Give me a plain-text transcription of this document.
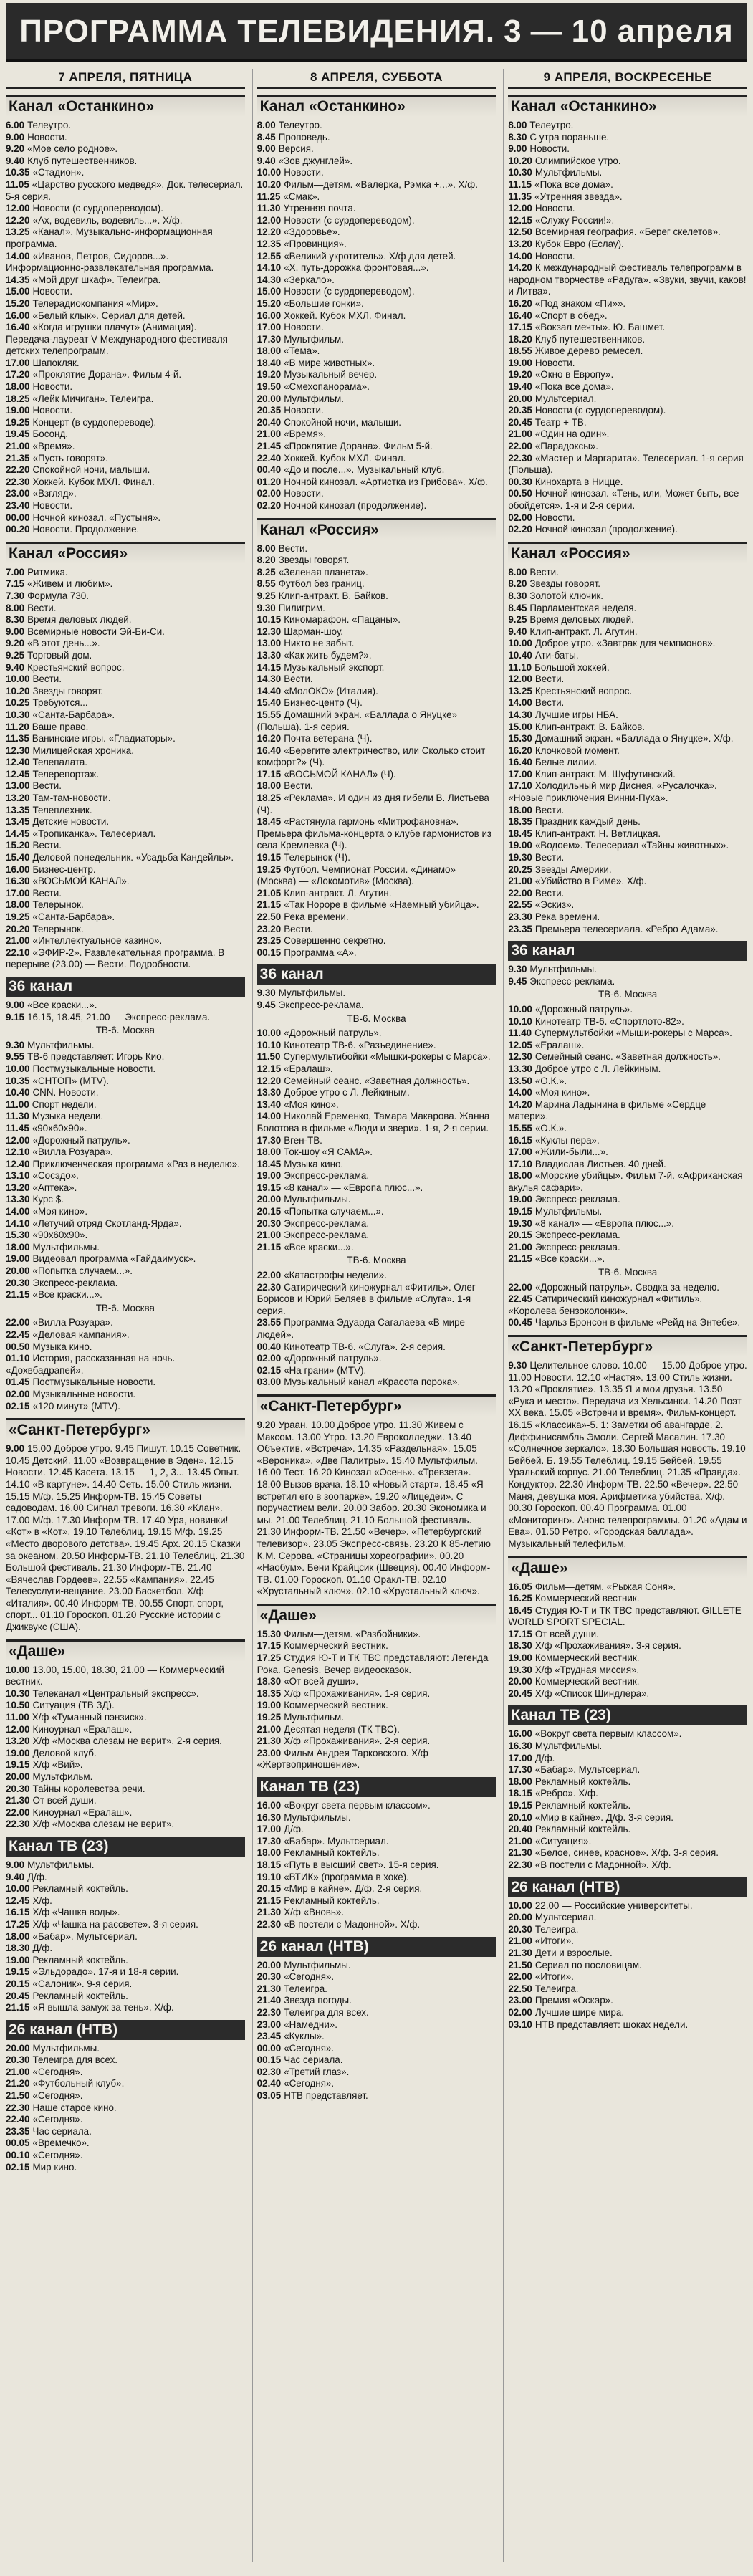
ПРОГРАММА ТЕЛЕВИДЕНИЯ. 3 — 10 апреля
7 АПРЕЛЯ, ПЯТНИЦА
Канал «Останкино»

6.00 Телеутро.

9.00 Новости.

9.20 «Мое село родное».

9.40 Клуб путешественников.

10.35 «Стадион».

11.05 «Царство русского медведя». Док. телесериал. 5-я серия.

12.00 Новости (с сурдопереводом).

12.20 «Ах, водевиль, водевиль...». Х/ф.

13.25 «Канал». Музыкально-информационная программа.

14.00 «Иванов, Петров, Сидоров...». Информационно-развлекательная программа.

14.35 «Мой друг шкаф». Телеигра.

15.00 Новости.

15.20 Телерадиокомпания «Мир».

16.00 «Белый клык». Сериал для детей.

16.40 «Когда игрушки плачут» (Анимация). Передача-лауреат V Международного фестиваля детских телепрограмм.

17.00 Шапокляк.

17.20 «Проклятие Дорана». Фильм 4-й.

18.00 Новости.

18.25 «Лейк Мичиган». Телеигра.

19.00 Новости.

19.25 Концерт (в сурдопереводе).

19.45 Босонд.

21.00 «Время».

21.35 «Пусть говорят».

22.20 Спокойной ночи, малыши.

22.30 Хоккей. Кубок МХЛ. Финал.

23.00 «Взгляд».

23.40 Новости.

00.00 Ночной кинозал. «Пустыня».

00.20 Новости. Продолжение.

Канал «Россия»

7.00 Ритмика.

7.15 «Живем и любим».

7.30 Формула 730.

8.00 Вести.

8.30 Время деловых людей.

9.00 Всемирные новости Эй-Би-Си.

9.20 «В этот день...».

9.25 Торговый дом.

9.40 Крестьянский вопрос.

10.00 Вести.

10.20 Звезды говорят.

10.25 Требуются...

10.30 «Санта-Барбара».

11.20 Ваше право.

11.35 Ванинские игры. «Гладиаторы».

12.30 Милицейская хроника.

12.40 Телепалата.

12.45 Телерепортаж.

13.00 Вести.

13.20 Там-там-новости.

13.35 Телеплехник.

13.45 Детские новости.

14.45 «Тропиканка». Телесериал.

15.20 Вести.

15.40 Деловой понедельник. «Усадьба Кандейлы».

16.00 Бизнес-центр.

16.30 «ВОСЬМОЙ КАНАЛ».

17.00 Вести.

18.00 Телерынок.

19.25 «Санта-Барбара».

20.20 Телерынок.

21.00 «Интеллектуальное казино».

22.10 «ЭФИР-2». Развлекательная программа. В перерыве (23.00) — Вести. Подробности.

36 канал

9.00 «Все краски...».

9.15 16.15, 18.45, 21.00 — Экспресс-реклама.

ТВ-6. Москва

9.30 Мультфильмы.

9.55 ТВ-6 представляет: Игорь Кио.

10.00 Постмузыкальные новости.

10.35 «СНТОП» (MTV).

10.40 CNN. Новости.

11.00 Спорт недели.

11.30 Музыка недели.

11.45 «90х60х90».

12.00 «Дорожный патруль».

12.10 «Вилла Розуара».

12.40 Приключенческая программа «Раз в неделю».

13.10 «Сосэдо».

13.20 «Аптека».

13.30 Курс $.

14.00 «Моя кино».

14.10 «Летучий отряд Скотланд-Ярда».

15.30 «90х60х90».

18.00 Мультфильмы.

19.00 Видеовал программа «Гайдаимуск».

20.00 «Попытка случаем...».

20.30 Экспресс-реклама.

21.15 «Все краски...».

ТВ-6. Москва

22.00 «Вилла Розуара».

22.45 «Деловая кампания».

00.50 Музыка кино.

01.10 История, рассказанная на ночь. «Дохвбадрапей».

01.45 Постмузыкальные новости.

02.00 Музыкальные новости.

02.15 «120 минут» (MTV).

«Санкт-Петербург»

9.00 15.00 Доброе утро. 9.45 Пишут. 10.15 Советник. 10.45 Детский. 11.00 «Возвращение в Эден». 12.15 Новости. 12.45 Касета. 13.15 — 1, 2, 3... 13.45 Опыт. 14.10 «В картуне». 14.40 Сеть. 15.00 Стиль жизни. 15.15 М/ф. 15.25 Информ-ТВ. 15.45 Советы садоводам. 16.00 Сигнал тревоги. 16.30 «Клан». 17.00 М/ф. 17.30 Информ-ТВ. 17.40 Ура, новинки! «Кот» в «Кот». 19.10 Телеблиц. 19.15 М/ф. 19.25 «Место дворового детства». 19.45 Арх. 20.15 Сказки за океаном. 20.50 Информ-ТВ. 21.10 Телеблиц. 21.30 Большой фестиваль. 21.30 Информ-ТВ. 21.40 «Вячеслав Гордеев». 22.55 «Кампания». 22.45 Телесуслуги-вещание. 23.00 Баскетбол. Х/ф «Италия». 00.40 Информ-ТВ. 00.55 Спорт, спорт, спорт... 01.10 Гороскоп. 01.20 Русские истории с Джиквукс (США).

«Даше»

10.00 13.00, 15.00, 18.30, 21.00 — Коммерческий вестник.

10.30 Телеканал «Центральный экспресс».

10.50 Ситуация (ТВ ЗД).

11.00 Х/ф «Туманный пэнзиск».

12.00 Киноурнал «Ералаш».

13.20 Х/ф «Москва слезам не верит». 2-я серия.

19.00 Деловой клуб.

19.15 Х/ф «Вий».

20.00 Мультфильм.

20.30 Тайны королевства речи.

21.30 От всей души.

22.00 Киноурнал «Ералаш».

22.30 Х/ф «Москва слезам не верит».

Канал ТВ (23)

9.00 Мультфильмы.

9.40 Д/ф.

10.00 Рекламный коктейль.

12.45 Х/ф.

16.15 Х/ф «Чашка воды».

17.25 Х/ф «Чашка на рассвете». 3-я серия.

18.00 «Бабар». Мультсериал.

18.30 Д/ф.

19.00 Рекламный коктейль.

19.15 «Эльдорадо». 17-я и 18-я серии.

20.15 «Салоник». 9-я серия.

20.45 Рекламный коктейль.

21.15 «Я вышла замуж за тень». Х/ф.

26 канал (НТВ)

20.00 Мультфильмы.

20.30 Телеигра для всех.

21.00 «Сегодня».

21.20 «Футбольный клуб».

21.50 «Сегодня».

22.30 Наше старое кино.

22.40 «Сегодня».

23.35 Час сериала.

00.05 «Времечко».

00.10 «Сегодня».

02.15 Мир кино.

8 АПРЕЛЯ, СУББОТА
Канал «Останкино»

8.00 Телеутро.

8.45 Проповедь.

9.00 Версия.

9.40 «Зов джунглей».

10.00 Новости.

10.20 Фильм—детям. «Валерка, Рэмка +...». Х/ф.

11.25 «Смак».

11.30 Утренняя почта.

12.00 Новости (с сурдопереводом).

12.20 «Здоровье».

12.35 «Провинция».

12.55 «Великий укротитель». Х/ф для детей.

14.10 «Х. путь-дорожка фронтовая...».

14.30 «Зеркало».

15.00 Новости (с сурдопереводом).

15.20 «Большие гонки».

16.00 Хоккей. Кубок МХЛ. Финал.

17.00 Новости.

17.30 Мультфильм.

18.00 «Тема».

18.40 «В мире животных».

19.20 Музыкальный вечер.

19.50 «Смехопанорама».

20.00 Мультфильм.

20.35 Новости.

20.40 Спокойной ночи, малыши.

21.00 «Время».

21.45 «Проклятие Дорана». Фильм 5-й.

22.40 Хоккей. Кубок МХЛ. Финал.

00.40 «До и после...». Музыкальный клуб.

01.20 Ночной кинозал. «Артистка из Грибова». Х/ф.

02.00 Новости.

02.20 Ночной кинозал (продолжение).

Канал «Россия»

8.00 Вести.

8.20 Звезды говорят.

8.25 «Зеленая планета».

8.55 Футбол без границ.

9.25 Клип-антракт. В. Байков.

9.30 Пилигрим.

10.15 Киномарафон. «Пацаны».

12.30 Шарман-шоу.

13.00 Никто не забыт.

13.30 «Как жить будем?».

14.15 Музыкальный экспорт.

14.30 Вести.

14.40 «МолОКО» (Италия).

15.40 Бизнес-центр (Ч).

15.55 Домашний экран. «Баллада о Януцке» (Польша). 1-я серия.

16.20 Почта ветерана (Ч).

16.40 «Берегите электричество, или Сколько стоит комфорт?» (Ч).

17.15 «ВОСЬМОЙ КАНАЛ» (Ч).

18.00 Вести.

18.25 «Реклама». И один из дня гибели В. Листьева (Ч).

18.45 «Растянула гармонь «Митрофановна». Премьера фильма-концерта о клубе гармонистов из села Кремлевка (Ч).

19.15 Телерынок (Ч).

19.25 Футбол. Чемпионат России. «Динамо» (Москва) — «Локомотив» (Москва).

21.05 Клип-антракт. Л. Агутин.

21.15 «Так Нороре в фильме «Наемный убийца».

22.50 Река времени.

23.20 Вести.

23.25 Совершенно секретно.

00.15 Программа «А».

36 канал

9.30 Мультфильмы.

9.45 Экспресс-реклама.

ТВ-6. Москва

10.00 «Дорожный патруль».

10.10 Кинотеатр ТВ-6. «Разъединение».

11.50 Супермультибойки «Мышки-рокеры с Марса».

12.15 «Ералаш».

12.20 Семейный сеанс. «Заветная должность».

13.30 Доброе утро с Л. Лейкиным.

13.40 «Моя кино».

14.00 Николай Еременко, Тамара Макарова. Жанна Болотова в фильме «Люди и звери». 1-я, 2-я серии.

17.30 Вген-ТВ.

18.00 Ток-шоу «Я САМА».

18.45 Музыка кино.

19.00 Экспресс-реклама.

19.15 «8 канал» — «Европа плюс...».

20.00 Мультфильмы.

20.15 «Попытка случаем...».

20.30 Экспресс-реклама.

21.00 Экспресс-реклама.

21.15 «Все краски...».

ТВ-6. Москва

22.00 «Катастрофы недели».

22.30 Сатирический киножурнал «Фитиль». Олег Борисов и Юрий Беляев в фильме «Слуга». 1-я серия.

23.55 Программа Эдуарда Сагалаева «В мире людей».

00.40 Кинотеатр ТВ-6. «Слуга». 2-я серия.

02.00 «Дорожный патруль».

02.15 «На грани» (MTV).

03.00 Музыкальный канал «Красота порока».

«Санкт-Петербург»

9.20 Ураан. 10.00 Доброе утро. 11.30 Живем с Максом. 13.00 Утро. 13.20 Евроколледжи. 13.40 Объектив. «Встреча». 14.35 «Раздельная». 15.05 «Вероника». «Две Палитры». 15.40 Мультфильм. 16.00 Тест. 16.20 Кинозал «Осень». «Тревзета». 18.00 Вызов врача. 18.10 «Новый старт». 18.45 «Я встретил его в зоопарке». 19.20 «Лицедеи». С поручастием вели. 20.00 Забор. 20.30 Экономика и мы. 21.00 Телеблиц. 21.10 Большой фестиваль. 21.30 Информ-ТВ. 21.50 «Вечер». «Петербургский телевизор». 23.05 Экспресс-связь. 23.20 К 85-летию К.М. Серова. «Страницы хореографии». 00.20 «Наобум». Бени Крайцсик (Швеция). 00.40 Информ-ТВ. 01.00 Гороскоп. 01.10 Оракл-ТВ. 02.10 «Хрустальный ключ». 02.10 «Хрустальный ключ».

«Даше»

15.30 Фильм—детям. «Разбойники».

17.15 Коммерческий вестник.

17.25 Студия Ю-Т и ТК ТВС представляют: Легенда Рока. Genesis. Вечер видеосказок.

18.30 «От всей души».

18.35 Х/ф «Прохаживания». 1-я серия.

19.00 Коммерческий вестник.

19.25 Мультфильм.

21.00 Десятая неделя (ТК ТВС).

21.30 Х/ф «Прохаживания». 2-я серия.

23.00 Фильм Андрея Тарковского. Х/ф «Жертвоприношение».

Канал ТВ (23)

16.00 «Вокруг света первым классом».

16.30 Мультфильмы.

17.00 Д/ф.

17.30 «Бабар». Мультсериал.

18.00 Рекламный коктейль.

18.15 «Путь в высший свет». 15-я серия.

19.10 «ВТИК» (программа в хоке).

20.15 «Мир в кайне». Д/ф. 2-я серия.

21.15 Рекламный коктейль.

21.30 Х/ф «Вновь».

22.30 «В постели с Мадонной». Х/ф.

26 канал (НТВ)

20.00 Мультфильмы.

20.30 «Сегодня».

21.30 Телеигра.

21.40 Звезда погоды.

22.30 Телеигра для всех.

23.00 «Намедни».

23.45 «Куклы».

00.00 «Сегодня».

00.15 Час сериала.

02.30 «Третий глаз».

02.40 «Сегодня».

03.05 НТВ представляет.

9 АПРЕЛЯ, ВОСКРЕСЕНЬЕ
Канал «Останкино»

8.00 Телеутро.

8.30 С утра пораньше.

9.00 Новости.

10.20 Олимпийское утро.

10.30 Мультфильмы.

11.15 «Пока все дома».

11.35 «Утренняя звезда».

12.00 Новости.

12.15 «Служу России!».

12.50 Всемирная география. «Берег скелетов».

13.20 Кубок Евро (Еслау).

14.00 Новости.

14.20 К международный фестиваль телепрограмм в народном творчестве «Радуга». «Звуки, звучи, каков! и Литва».

16.20 «Под знаком «Пи»».

16.40 «Спорт в обед».

17.15 «Вокзал мечты». Ю. Башмет.

18.20 Клуб путешественников.

18.55 Живое дерево ремесел.

19.00 Новости.

19.20 «Окно в Европу».

19.40 «Пока все дома».

20.00 Мультсериал.

20.35 Новости (с сурдопереводом).

20.45 Театр + ТВ.

21.00 «Один на один».

22.00 «Парадоксы».

22.30 «Мастер и Маргарита». Телесериал. 1-я серия (Польша).

00.30 Кинохарта в Ницце.

00.50 Ночной кинозал. «Тень, или, Может быть, все обойдется». 1-я и 2-я серии.

02.00 Новости.

02.20 Ночной кинозал (продолжение).

Канал «Россия»

8.00 Вести.

8.20 Звезды говорят.

8.30 Золотой ключик.

8.45 Парламентская неделя.

9.25 Время деловых людей.

9.40 Клип-антракт. Л. Агутин.

10.00 Доброе утро. «Завтрак для чемпионов».

10.40 Ати-баты.

11.10 Большой хоккей.

12.00 Вести.

13.25 Крестьянский вопрос.

14.00 Вести.

14.30 Лучшие игры НБА.

15.00 Клип-антракт. В. Байков.

15.30 Домашний экран. «Баллада о Януцке». Х/ф.

16.20 Клочковой момент.

16.40 Белые лилии.

17.00 Клип-антракт. М. Шуфутинский.

17.10 Холодильный мир Диснея. «Русалочка». «Новые приключения Винни-Пуха».

18.00 Вести.

18.35 Праздник каждый день.

18.45 Клип-антракт. Н. Ветлицкая.

19.00 «Водоем». Телесериал «Тайны животных».

19.30 Вести.

20.25 Звезды Америки.

21.00 «Убийство в Риме». Х/ф.

22.00 Вести.

22.55 «Эскиз».

23.30 Река времени.

23.35 Премьера телесериала. «Ребро Адама».

36 канал

9.30 Мультфильмы.

9.45 Экспресс-реклама.

ТВ-6. Москва

10.00 «Дорожный патруль».

10.10 Кинотеатр ТВ-6. «Спортлото-82».

11.40 Супермультбойки «Мыши-рокеры с Марса».

12.05 «Ералаш».

12.30 Семейный сеанс. «Заветная должность».

13.30 Доброе утро с Л. Лейкиным.

13.50 «О.К.».

14.00 «Моя кино».

14.20 Марина Ладынина в фильме «Сердце матери».

15.55 «О.К.».

16.15 «Куклы пера».

17.00 «Жили-были...».

17.10 Владислав Листьев. 40 дней.

18.00 «Морские убийцы». Фильм 7-й. «Африканская акулья сафари».

19.00 Экспресс-реклама.

19.15 Мультфильмы.

19.30 «8 канал» — «Европа плюс...».

20.15 Экспресс-реклама.

21.00 Экспресс-реклама.

21.15 «Все краски...».

ТВ-6. Москва

22.00 «Дорожный патруль». Сводка за неделю.

22.45 Сатирический киножурнал «Фитиль». «Королева бензоколонки».

00.45 Чарльз Бронсон в фильме «Рейд на Энтебе».

«Санкт-Петербург»

9.30 Целительное слово. 10.00 — 15.00 Доброе утро. 11.00 Новости. 12.10 «Настя». 13.00 Стиль жизни. 13.20 «Проклятие». 13.35 Я и мои друзья. 13.50 «Рука и место». Передача из Хельсинки. 14.20 Поэт ХХ века. 15.05 «Встречи и время». Фильм-концерт. 16.15 «Классика»-5. 1: Заметки об авангарде. 2. Диффинисамбль Эмоли. Сергей Масалин. 17.30 «Солнечное зеркало». 18.30 Большая новость. 19.10 Бейбей. Б. 19.55 Телеблиц. 19.15 Бейбей. 19.55 Уральский корпус. 21.00 Телеблиц. 21.35 «Правда». Кондуктор. 22.30 Информ-ТВ. 22.50 «Вечер». 22.50 Маня, девушка моя. Арифметика убийства. Х/ф. 00.30 Гороскоп. 00.40 Программа. 01.00 «Мониторинг». Анонс телепрограммы. 01.20 «Адам и Ева». 01.50 Ретро. «Городская баллада». Музыкальный телефильм.

«Даше»

16.05 Фильм—детям. «Рыжая Соня».

16.25 Коммерческий вестник.

16.45 Студия Ю-Т и ТК ТВС представляют. GILLETE WORLD SPORT SPECIAL.

17.15 От всей души.

18.30 Х/ф «Прохаживания». 3-я серия.

19.00 Коммерческий вестник.

19.30 Х/ф «Трудная миссия».

20.00 Коммерческий вестник.

20.45 Х/ф «Список Шиндлера».

Канал ТВ (23)

16.00 «Вокруг света первым классом».

16.30 Мультфильмы.

17.00 Д/ф.

17.30 «Бабар». Мультсериал.

18.00 Рекламный коктейль.

18.15 «Ребро». Х/ф.

19.15 Рекламный коктейль.

20.10 «Мир в кайне». Д/ф. 3-я серия.

20.40 Рекламный коктейль.

21.00 «Ситуация».

21.30 «Белое, синее, красное». Х/ф. 3-я серия.

22.30 «В постели с Мадонной». Х/ф.

26 канал (НТВ)

10.00 22.00 — Российские университеты.

20.00 Мультсериал.

20.30 Телеигра.

21.00 «Итоги».

21.30 Дети и взрослые.

21.50 Сериал по пословицам.

22.00 «Итоги».

22.50 Телеигра.

23.00 Премия «Оскар».

02.00 Лучшие шире мира.

03.10 НТВ представляет: шоках недели.
